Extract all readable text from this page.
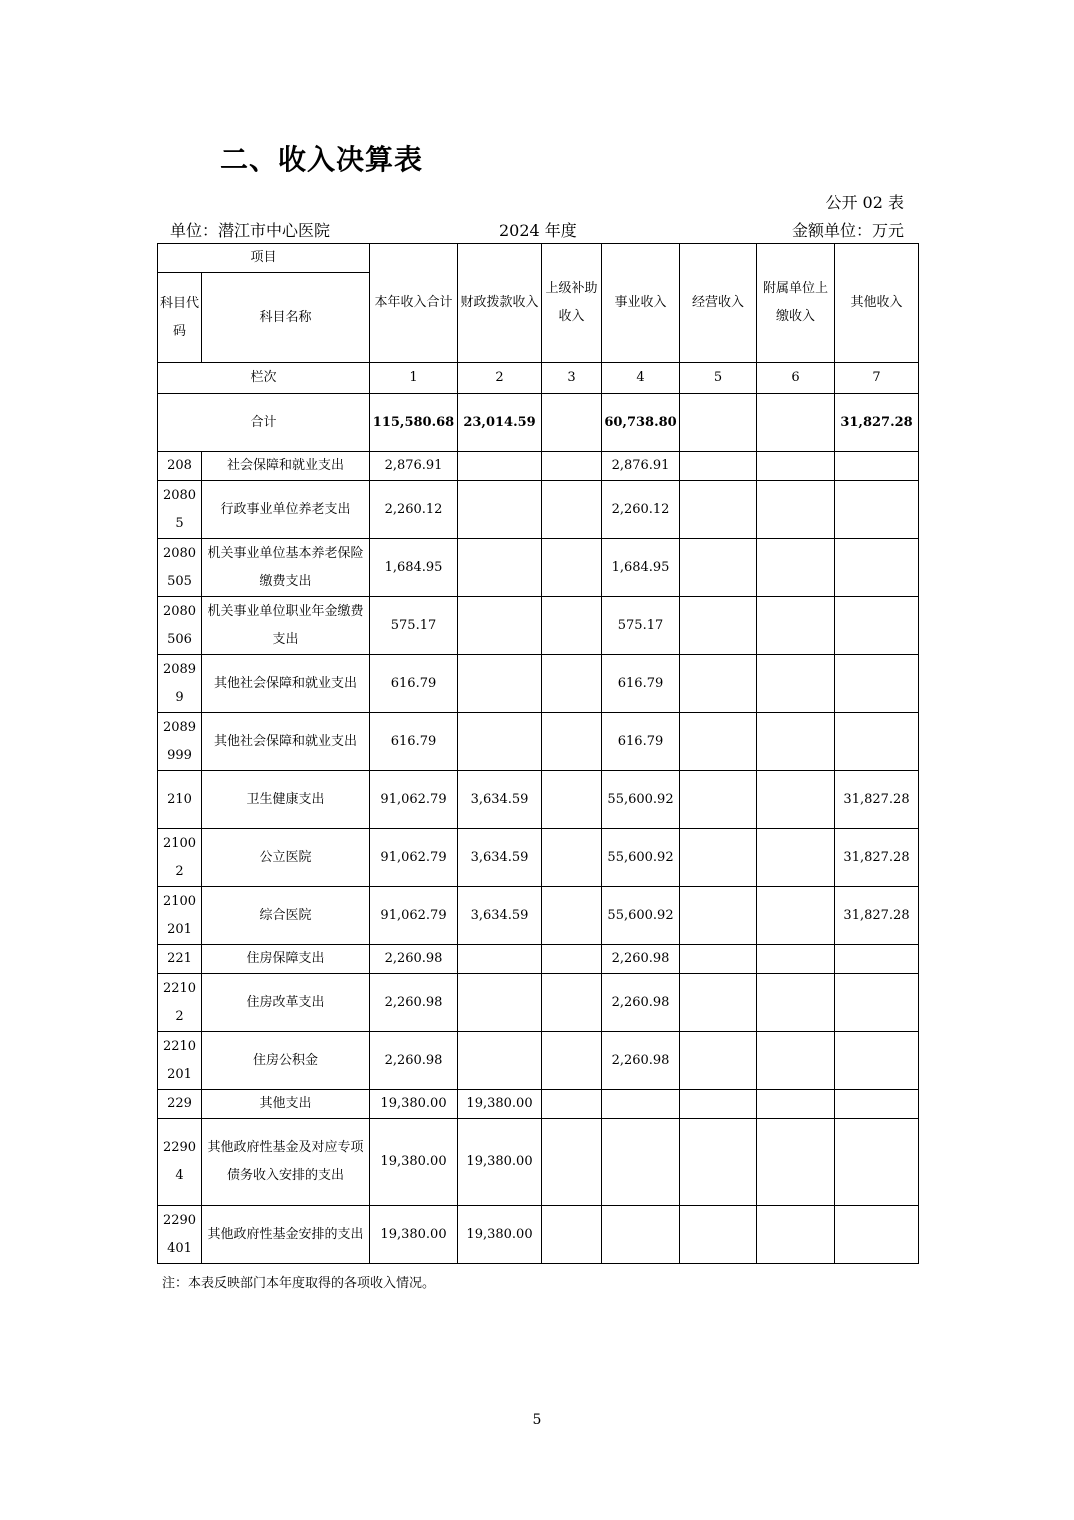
二、收入决算表
公开 02 表
单位：潜江市中心医院	2024 年度	金额单位：万元
项目		本年收入合计	财政拨款收入	上级补助收入	事业收入	经营收入	附属单位上缴收入	其他收入
科目代码	科目名称							
栏次		1	2	3	4	5	6	7
合计		115,580.68	23,014.59		60,738.80			31,827.28
208	社会保障和就业支出	2,876.91			2,876.91			
20805	行政事业单位养老支出	2,260.12			2,260.12			
2080505	机关事业单位基本养老保险缴费支出	1,684.95			1,684.95			
2080506	机关事业单位职业年金缴费支出	575.17			575.17			
20899	其他社会保障和就业支出	616.79			616.79			
2089999	其他社会保障和就业支出	616.79			616.79			
210	卫生健康支出	91,062.79	3,634.59		55,600.92			31,827.28
21002	公立医院	91,062.79	3,634.59		55,600.92			31,827.28
2100201	综合医院	91,062.79	3,634.59		55,600.92			31,827.28
221	住房保障支出	2,260.98			2,260.98			
22102	住房改革支出	2,260.98			2,260.98			
2210201	住房公积金	2,260.98			2,260.98			
229	其他支出	19,380.00	19,380.00					
22904	其他政府性基金及对应专项债务收入安排的支出	19,380.00	19,380.00					
2290401	其他政府性基金安排的支出	19,380.00	19,380.00					
注：本表反映部门本年度取得的各项收入情况。
5
